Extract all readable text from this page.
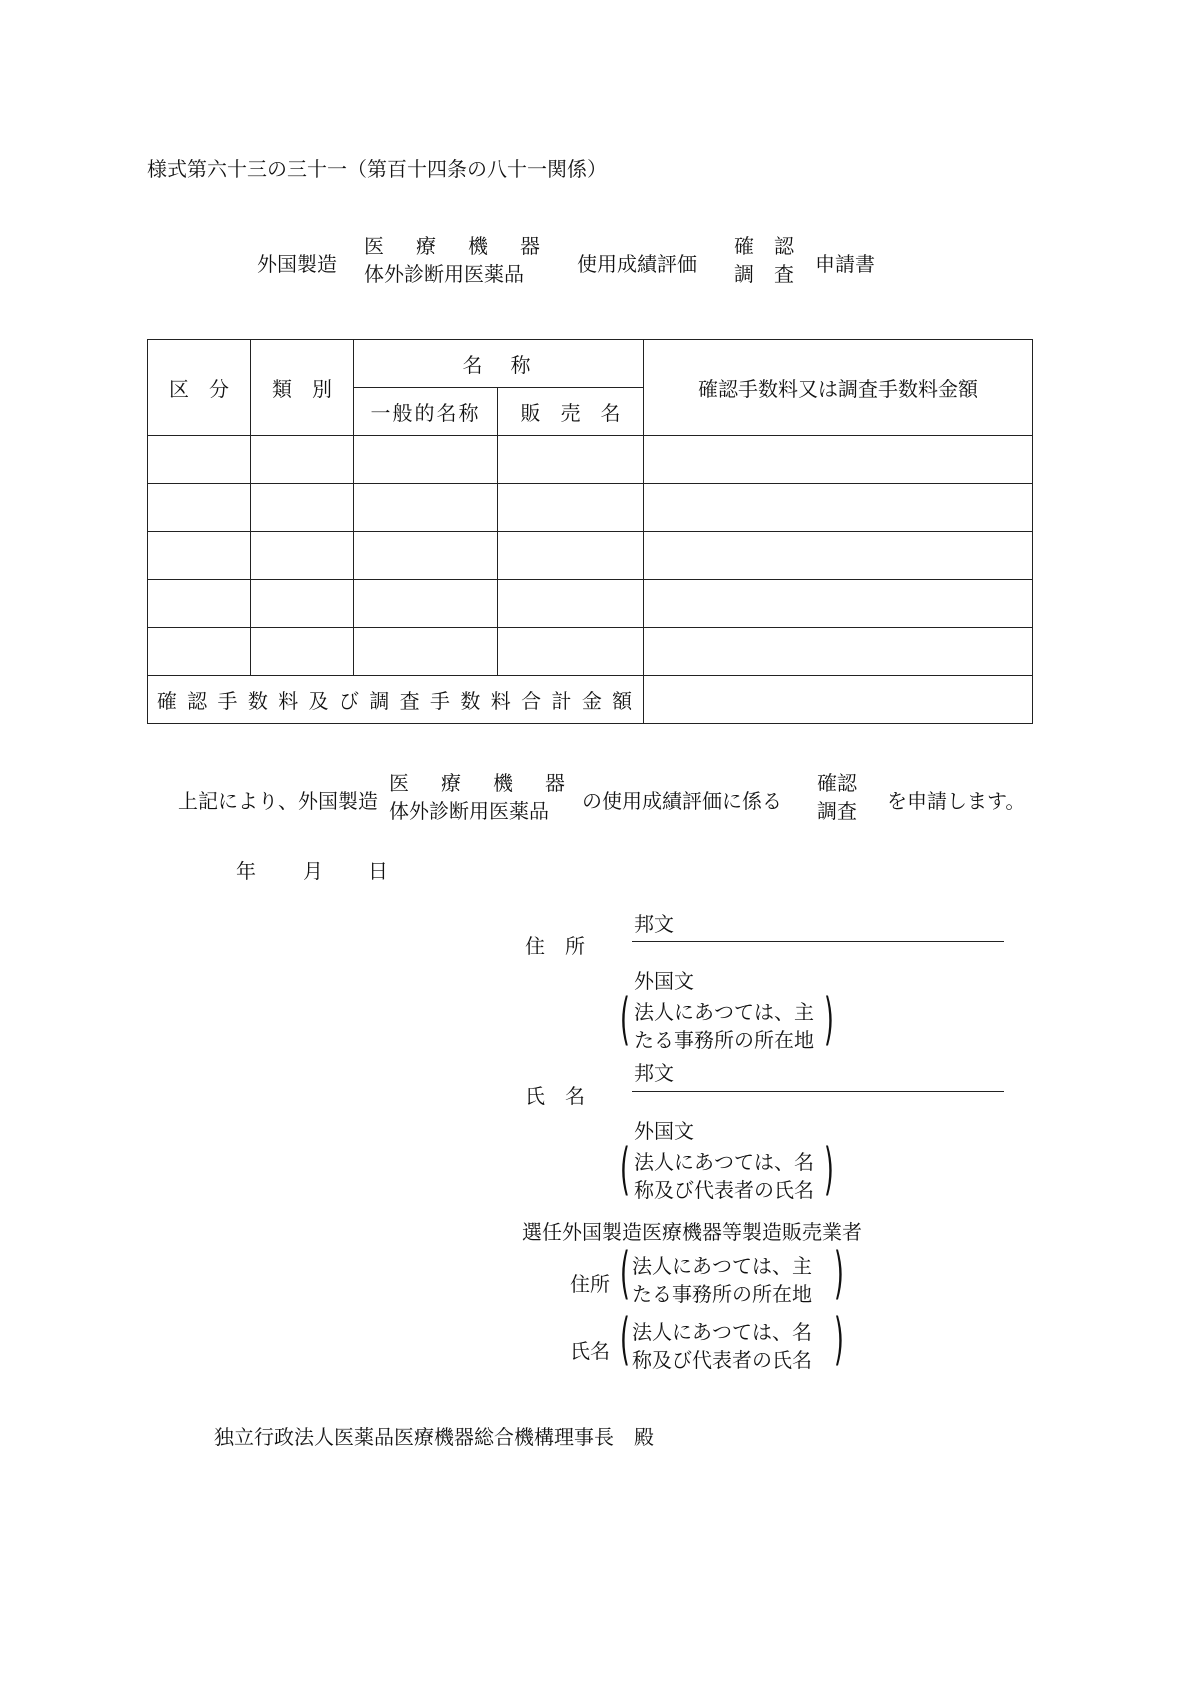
様式第六十三の三十一（第百十四条の八十一関係）
外国製造
医　療　機　器
体外診断用医薬品	使用成績評価
確　認
調　査 申請書
区　分	類　別	名　称		確認手数料又は調査手数料金額
		一般的名称	販　売　名	

確 認 手 数 料 及 び 調 査 手 数 料 合 計 金 額				
上記により、外国製造
医　療　機　器
体外診断用医薬品	の使用成績評価に係る
確認
調査 を申請します。
年 月 日
住　所
邦文
外国文
( 法人にあつては、主
たる事務所の所在地 )
氏　名
邦文
外国文
( 法人にあつては、名
称及び代表者の氏名 )
選任外国製造医療機器等製造販売業者
住所 ( 法人にあつては、主
たる事務所の所在地 )
氏名 ( 法人にあつては、名
称及び代表者の氏名 )
独立行政法人医薬品医療機器総合機構理事長　殿
